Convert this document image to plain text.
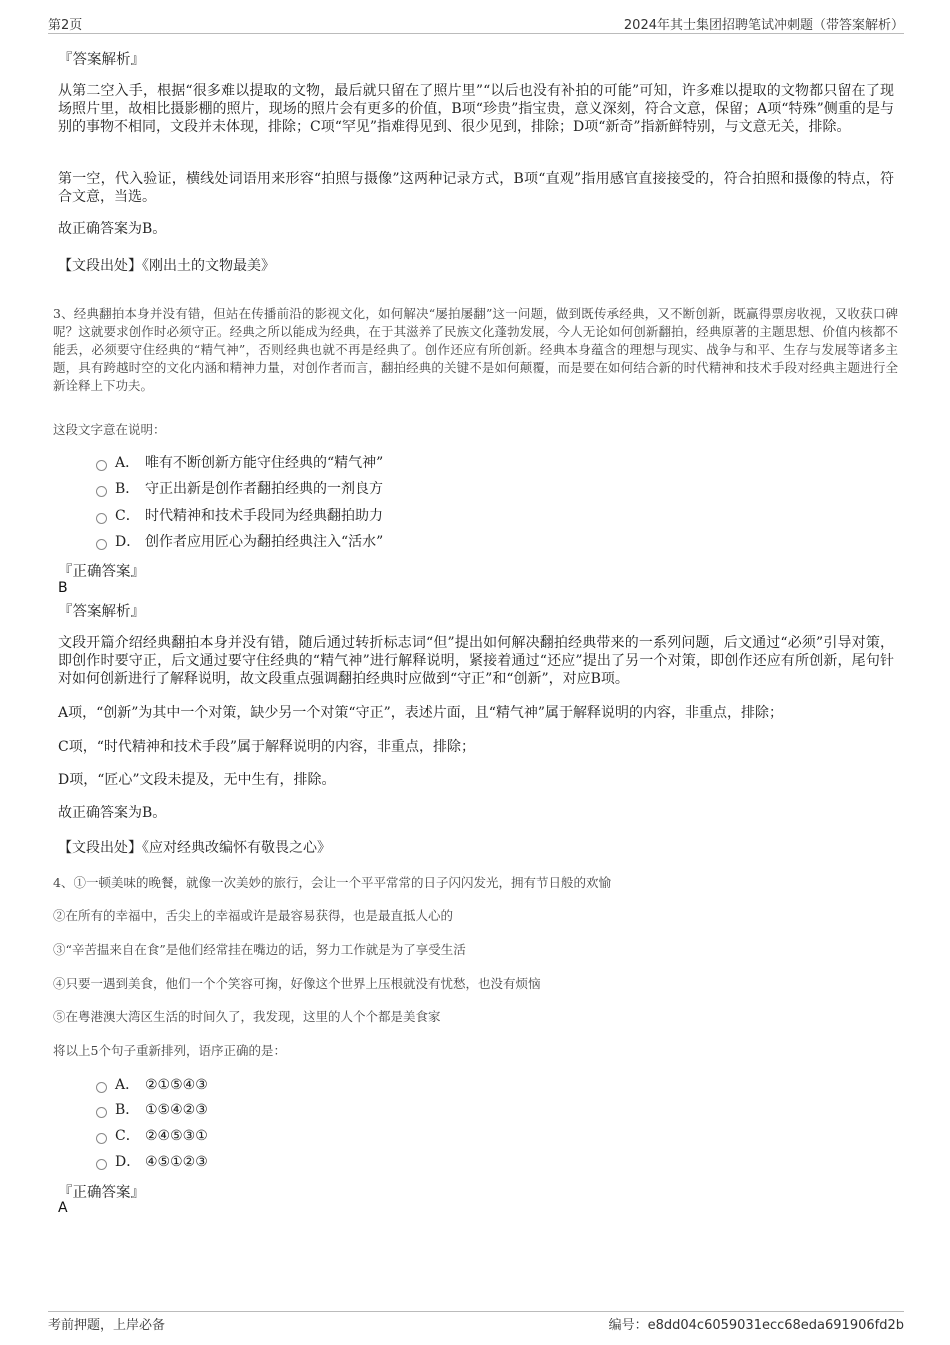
第2页	2024年其士集团招聘笔试冲刺题（带答案解析）
『答案解析』
从第二空入手，根据“很多难以提取的文物，最后就只留在了照片里”“以后也没有补拍的可能”可知，许多难以提取的文物都只留在了现场照片里，故相比摄影棚的照片，现场的照片会有更多的价值，B项“珍贵”指宝贵，意义深刻，符合文意，保留；A项“特殊”侧重的是与别的事物不相同，文段并未体现，排除；C项“罕见”指难得见到、很少见到，排除；D项“新奇”指新鲜特别，与文意无关，排除。
第一空，代入验证，横线处词语用来形容“拍照与摄像”这两种记录方式，B项“直观”指用感官直接接受的，符合拍照和摄像的特点，符合文意，当选。
故正确答案为B。
【文段出处】《刚出土的文物最美》
3、经典翻拍本身并没有错，但站在传播前沿的影视文化，如何解决“屡拍屡翻”这一问题，做到既传承经典，又不断创新，既赢得票房收视，又收获口碑呢？这就要求创作时必须守正。经典之所以能成为经典，在于其滋养了民族文化蓬勃发展，今人无论如何创新翻拍，经典原著的主题思想、价值内核都不能丢，必须要守住经典的“精气神”，否则经典也就不再是经典了。创作还应有所创新。经典本身蕴含的理想与现实、战争与和平、生存与发展等诸多主题，具有跨越时空的文化内涵和精神力量，对创作者而言，翻拍经典的关键不是如何颠覆，而是要在如何结合新的时代精神和技术手段对经典主题进行全新诠释上下功夫。
这段文字意在说明：
A． 唯有不断创新方能守住经典的“精气神”
B． 守正出新是创作者翻拍经典的一剂良方
C． 时代精神和技术手段同为经典翻拍助力
D． 创作者应用匠心为翻拍经典注入“活水”
『正确答案』
B
『答案解析』
文段开篇介绍经典翻拍本身并没有错，随后通过转折标志词“但”提出如何解决翻拍经典带来的一系列问题，后文通过“必须”引导对策，即创作时要守正，后文通过要守住经典的“精气神”进行解释说明，紧接着通过“还应”提出了另一个对策，即创作还应有所创新，尾句针对如何创新进行了解释说明，故文段重点强调翻拍经典时应做到“守正”和“创新”，对应B项。
A项，“创新”为其中一个对策，缺少另一个对策“守正”，表述片面，且“精气神”属于解释说明的内容，非重点，排除；
C项，“时代精神和技术手段”属于解释说明的内容，非重点，排除；
D项，“匠心”文段未提及，无中生有，排除。
故正确答案为B。
【文段出处】《应对经典改编怀有敬畏之心》
4、①一顿美味的晚餐，就像一次美妙的旅行，会让一个平平常常的日子闪闪发光，拥有节日般的欢愉
②在所有的幸福中，舌尖上的幸福或许是最容易获得，也是最直抵人心的
③“辛苦揾来自在食”是他们经常挂在嘴边的话，努力工作就是为了享受生活
④只要一遇到美食，他们一个个笑容可掬，好像这个世界上压根就没有忧愁，也没有烦恼
⑤在粤港澳大湾区生活的时间久了，我发现，这里的人个个都是美食家
将以上5个句子重新排列，语序正确的是：
A． ②①⑤④③
B． ①⑤④②③
C． ②④⑤③①
D． ④⑤①②③
『正确答案』
A
考前押题，上岸必备	编号：e8dd04c6059031ecc68eda691906fd2b
